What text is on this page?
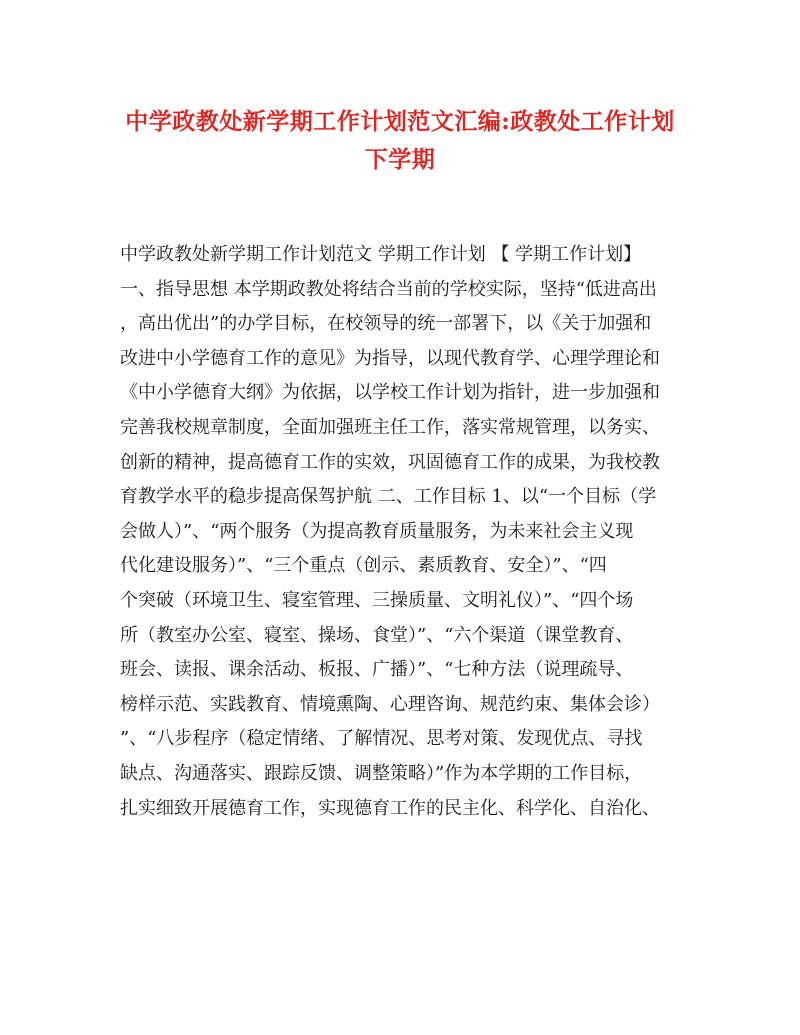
中学政教处新学期工作计划范文汇编:政教处工作计划
下学期
中学政教处新学期工作计划范文 学期工作计划 【 学期工作计划】
一、指导思想 本学期政教处将结合当前的学校实际，坚持“低进高出
，高出优出”的办学目标，在校领导的统一部署下，以《关于加强和
改进中小学德育工作的意见》为指导，以现代教育学、心理学理论和
《中小学德育大纲》为依据，以学校工作计划为指针，进一步加强和
完善我校规章制度，全面加强班主任工作，落实常规管理，以务实、
创新的精神，提高德育工作的实效，巩固德育工作的成果，为我校教
育教学水平的稳步提高保驾护航 二、工作目标 1、以“一个目标（学
会做人）”、“两个服务（为提高教育质量服务，为未来社会主义现
代化建设服务）”、“三个重点（创示、素质教育、安全）”、“四
个突破（环境卫生、寝室管理、三操质量、文明礼仪）”、“四个场
所（教室办公室、寝室、操场、食堂）”、“六个渠道（课堂教育、
班会、读报、课余活动、板报、广播）”、“七种方法（说理疏导、
榜样示范、实践教育、情境熏陶、心理咨询、规范约束、集体会诊）
”、“八步程序（稳定情绪、了解情况、思考对策、发现优点、寻找
缺点、沟通落实、跟踪反馈、调整策略）”作为本学期的工作目标，
扎实细致开展德育工作，实现德育工作的民主化、科学化、自治化、
